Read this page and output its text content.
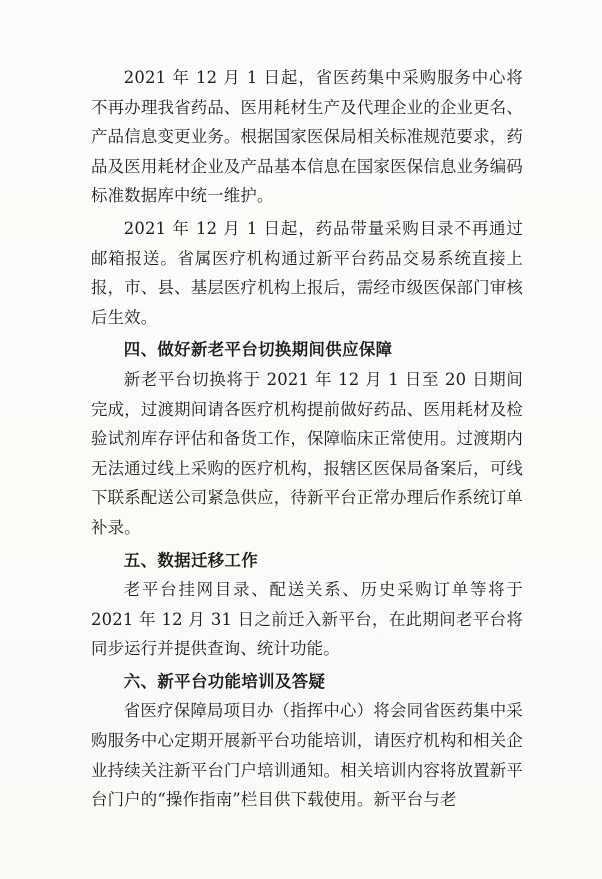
2021 年 12 月 1 日起，省医药集中采购服务中心将不再办理我省药品、医用耗材生产及代理企业的企业更名、产品信息变更业务。根据国家医保局相关标准规范要求，药品及医用耗材企业及产品基本信息在国家医保信息业务编码标准数据库中统一维护。

2021 年 12 月 1 日起，药品带量采购目录不再通过邮箱报送。省属医疗机构通过新平台药品交易系统直接上报，市、县、基层医疗机构上报后，需经市级医保部门审核后生效。

四、做好新老平台切换期间供应保障

新老平台切换将于 2021 年 12 月 1 日至 20 日期间完成，过渡期间请各医疗机构提前做好药品、医用耗材及检验试剂库存评估和备货工作，保障临床正常使用。过渡期内无法通过线上采购的医疗机构，报辖区医保局备案后，可线下联系配送公司紧急供应，待新平台正常办理后作系统订单补录。

五、数据迁移工作

老平台挂网目录、配送关系、历史采购订单等将于 2021 年 12 月 31 日之前迁入新平台，在此期间老平台将同步运行并提供查询、统计功能。

六、新平台功能培训及答疑

省医疗保障局项目办（指挥中心）将会同省医药集中采购服务中心定期开展新平台功能培训，请医疗机构和相关企业持续关注新平台门户培训通知。相关培训内容将放置新平台门户的“操作指南”栏目供下载使用。新平台与老
